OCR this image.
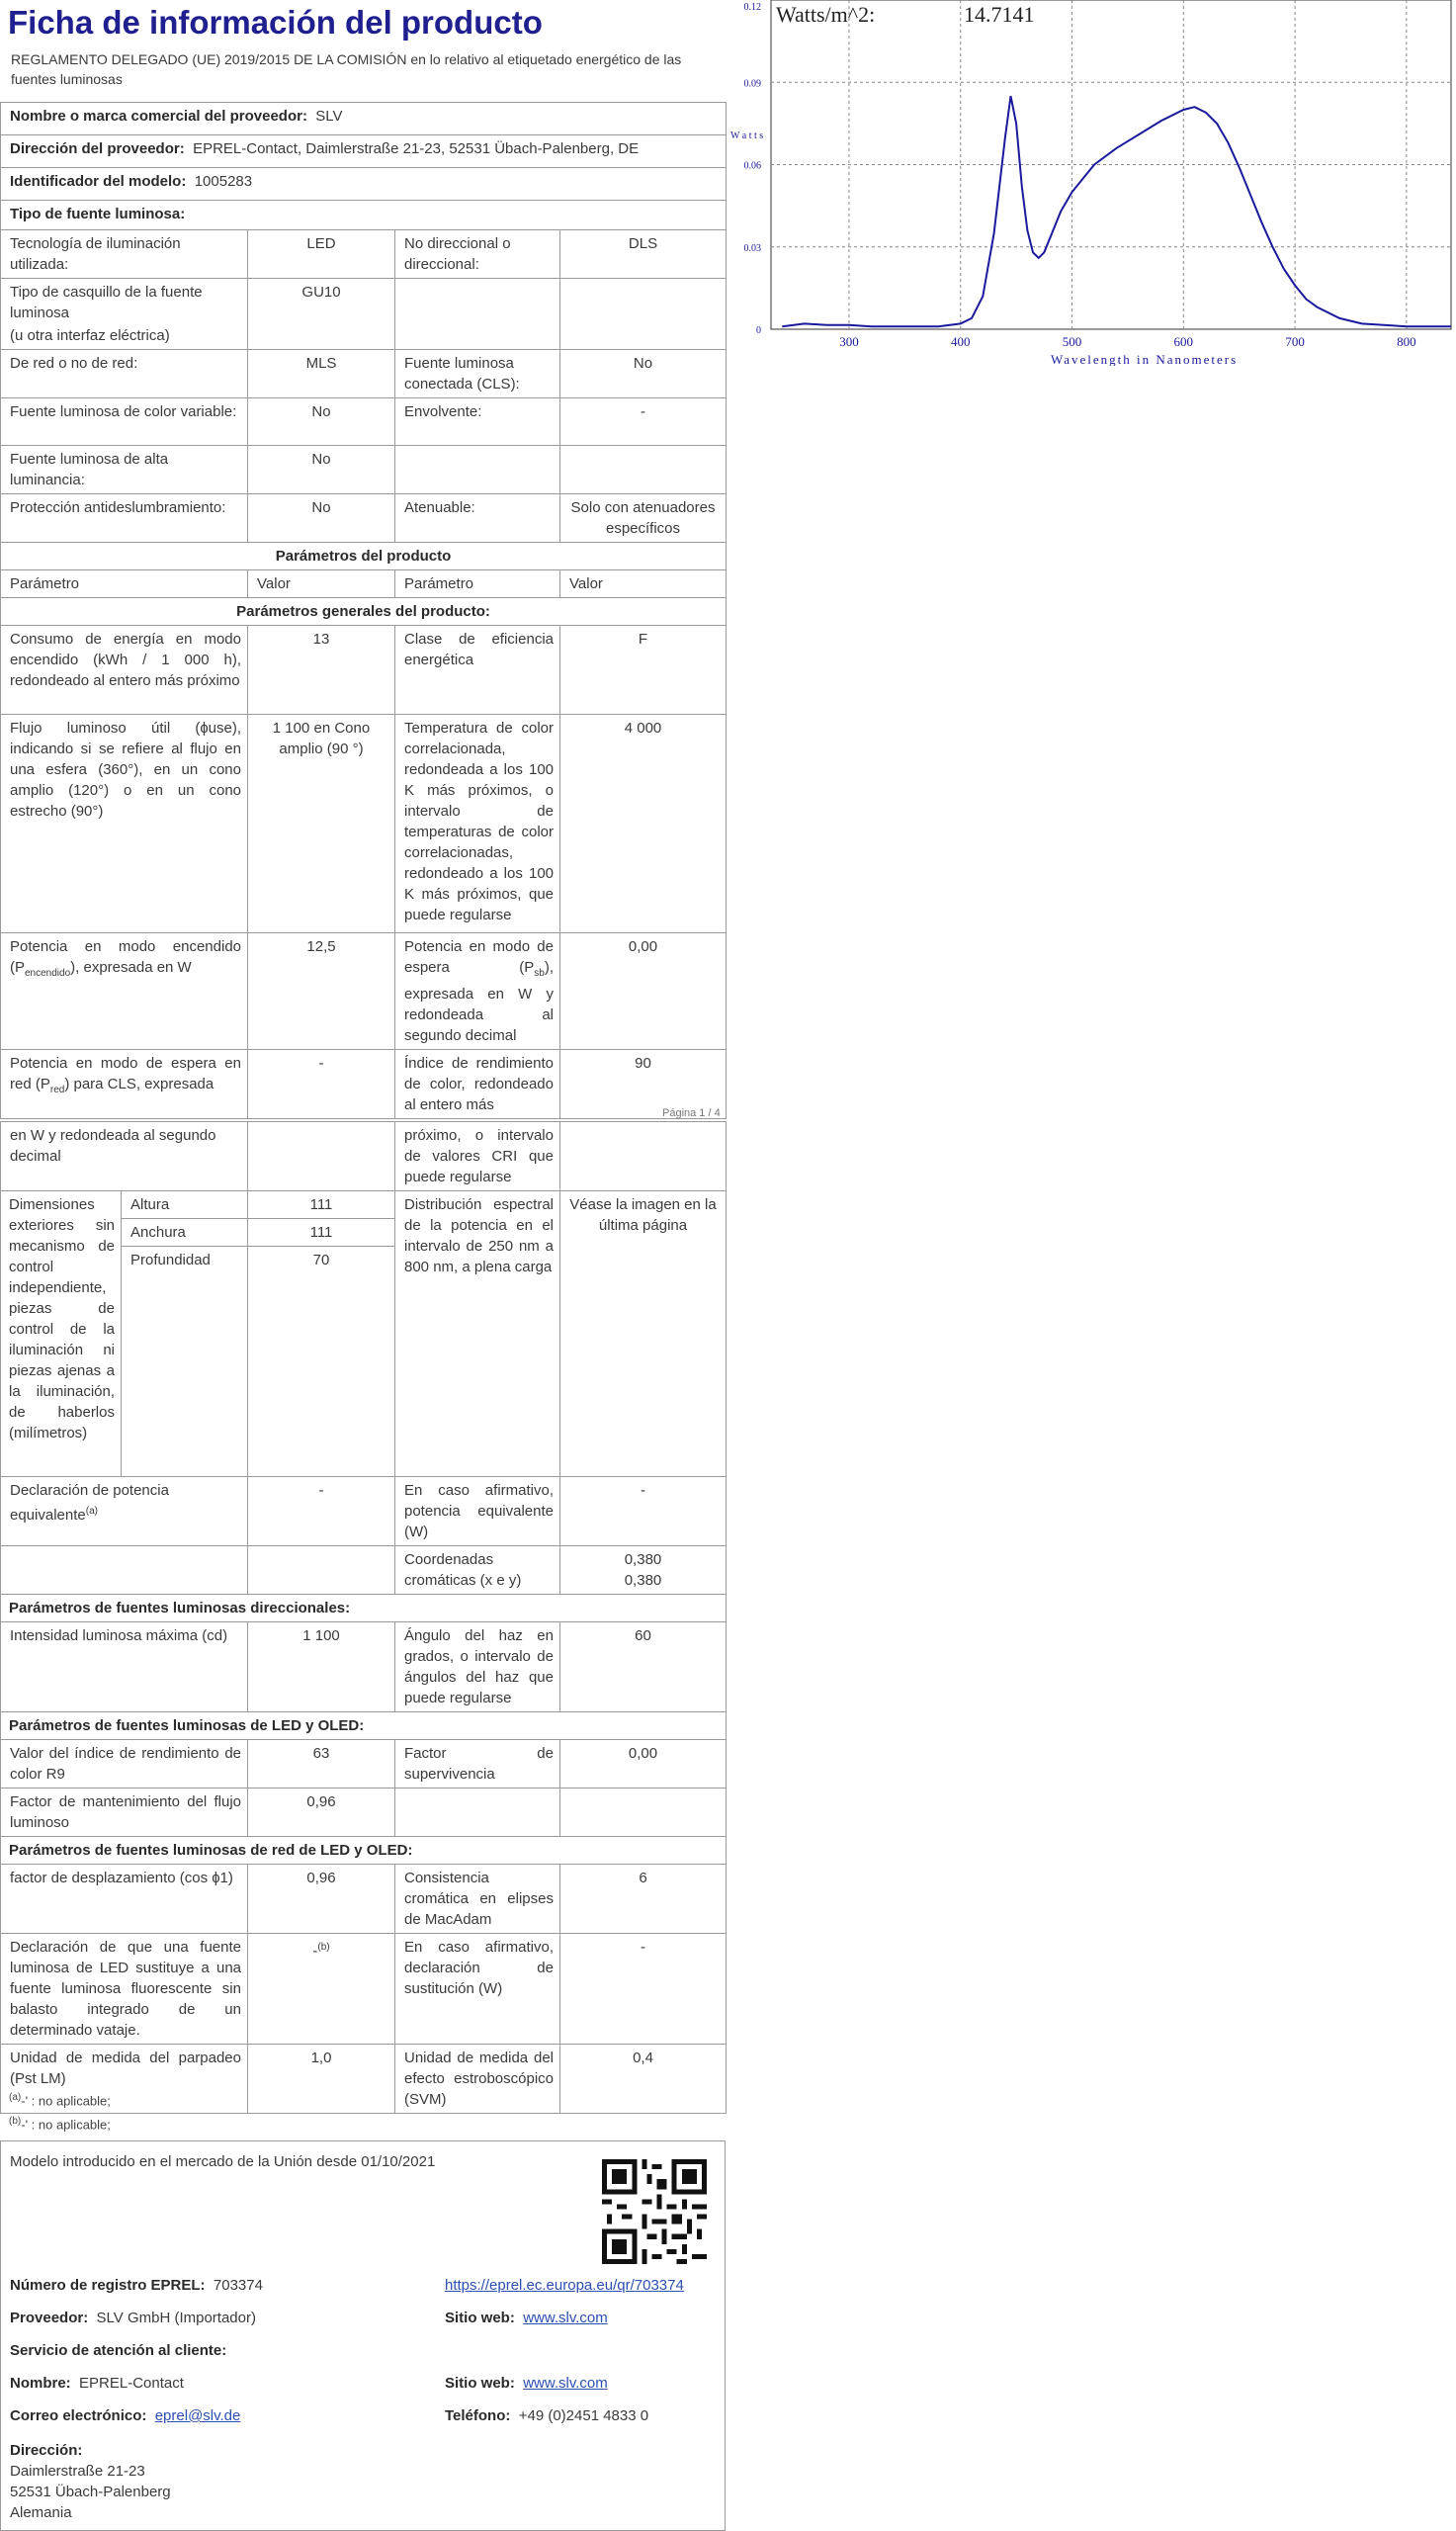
Ficha de información del producto
REGLAMENTO DELEGADO (UE) 2019/2015 DE LA COMISIÓN en lo relativo al etiquetado energético de las fuentes luminosas
Nombre o marca comercial del proveedor: SLV			
Dirección del proveedor: EPREL-Contact, Daimlerstraße 21-23, 52531 Übach-Palenberg, DE			
Identificador del modelo: 1005283			
Tipo de fuente luminosa:			
Tecnología de iluminación utilizada:	LED	No direccional o direccional:	DLS

Tipo de casquillo de la fuente luminosa
(u otra interfaz eléctrica)	GU10		
De red o no de red:	MLS	Fuente luminosa conectada (CLS):	No
Fuente luminosa de color variable:	No	Envolvente:	-
Fuente luminosa de alta luminancia:	No		
Protección antideslumbramiento:	No	Atenuable:	Solo con atenuadores específicos
Parámetros del producto			
Parámetro	Valor	Parámetro	Valor
Parámetros generales del producto:			
Consumo de energía en modo encendido (kWh / 1 000 h), redondeado al entero más próximo	13	Clase de eficiencia energética	F
Flujo luminoso útil (ɸuse), indicando si se refiere al flujo en una esfera (360°), en un cono amplio (120°) o en un cono estrecho (90°)	1 100 en Cono amplio (90 °)	Temperatura de color correlacionada, redondeada a los 100 K más próximos, o intervalo de temperaturas de color correlacionadas, redondeado a los 100 K más próximos, que puede regularse	4 000
Potencia en modo encendido $(P_{encendido})$, expresada en W	12,5	Potencia en modo de espera $(P_{sb})$, expresada en W y redondeada al segundo decimal	0,00
Potencia en modo de espera en red $(P_{red})$ para CLS, expresada	-	Índice de rendimiento de color, redondeado al entero más	90
Página 1 / 4
en W y redondeada al segundo decimal			próximo, o intervalo de valores CRI que puede regularse	
Dimensiones exteriores sin mecanismo de control independiente, piezas de control de la iluminación ni piezas ajenas a la iluminación, de haberlos (milímetros)	Altura	111	Distribución espectral de la potencia en el intervalo de 250 nm a 800 nm, a plena carga	Véase la imagen en la última página
	Anchura	111		
	Profundidad	70		
Declaración de potencia equivalente$^{(a)}$		-	En caso afirmativo, potencia equivalente (W)	-
			Coordenadas cromáticas (x e y)	0,380
0,380

Parámetros de fuentes luminosas direccionales:				
Intensidad luminosa máxima (cd)		1 100	Ángulo del haz en grados, o intervalo de ángulos del haz que puede regularse	60
Parámetros de fuentes luminosas de LED y OLED:				
Valor del índice de rendimiento de color R9		63	Factor de supervivencia	0,00
Factor de mantenimiento del flujo luminoso		0,96		
Parámetros de fuentes luminosas de red de LED y OLED:				
factor de desplazamiento (cos ɸ1)		0,96	Consistencia cromática en elipses de MacAdam	6
Declaración de que una fuente luminosa de LED sustituye a una fuente luminosa fluorescente sin balasto integrado de un determinado vataje.		-$^{(b)}$	En caso afirmativo, declaración de sustitución (W)	-
Unidad de medida del parpadeo (Pst LM)		1,0	Unidad de medida del efecto estroboscópico (SVM)	0,4
$^{(a)}$-' : no aplicable;
$^{(b)}$-' : no aplicable;
Modelo introducido en el mercado de la Unión desde 01/10/2021
Número de registro EPREL: 703374	https://eprel.ec.europa.eu/qr/703374
Proveedor: SLV GmbH (Importador)	Sitio web: www.slv.com
Servicio de atención al cliente:
Nombre: EPREL-Contact	Sitio web: www.slv.com
Correo electrónico: eprel@slv.de	Teléfono: +49 (0)2451 4833 0
Dirección:
Daimlerstraße 21-23
52531 Übach-Palenberg
Alemania
Watts/m^2:	14.7141
Wavelength in Nanometers
W a t t s
300	400	500	600	700	800
0.12
0.09
0.06
0.03
0
